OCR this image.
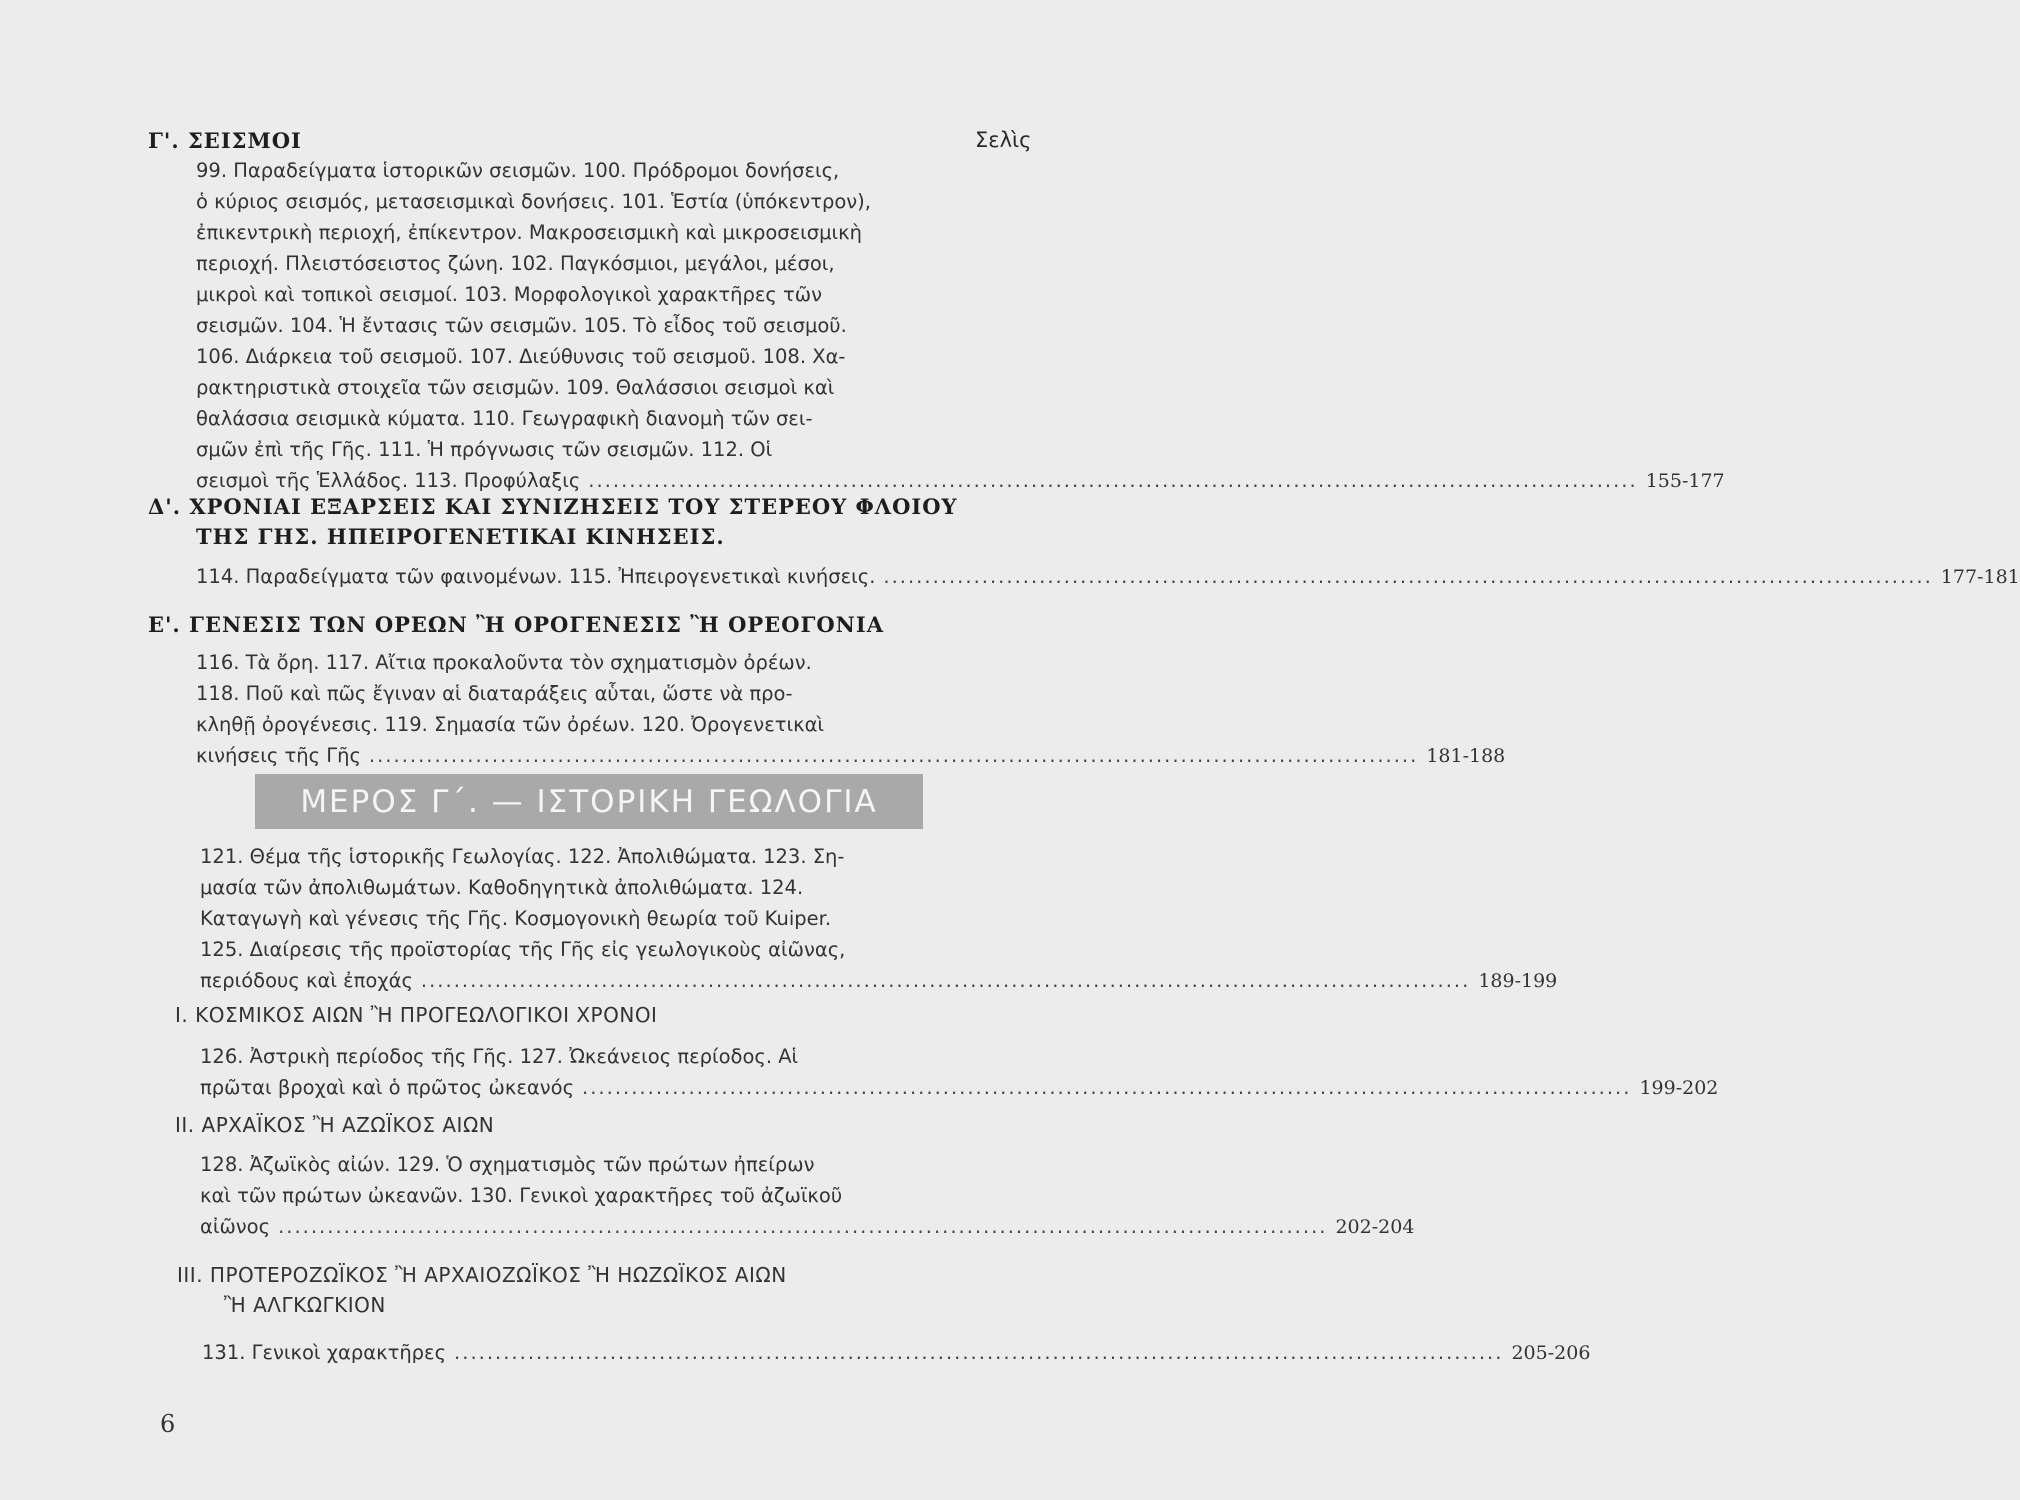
Γ'. ΣΕΙΣΜΟΙ	Σελὶς
99. Παραδείγματα ἱστορικῶν σεισμῶν. 100. Πρόδρομοι δονήσεις,
ὁ κύριος σεισμός, μετασεισμικαὶ δονήσεις. 101. Ἑστία (ὑπόκεντρον),
ἐπικεντρικὴ περιοχή, ἐπίκεντρον. Μακροσεισμικὴ καὶ μικροσεισμικὴ
περιοχή. Πλειστόσειστος ζώνη. 102. Παγκόσμιοι, μεγάλοι, μέσοι,
μικροὶ καὶ τοπικοὶ σεισμοί. 103. Μορφολογικοὶ χαρακτῆρες τῶν
σεισμῶν. 104. Ἡ ἔντασις τῶν σεισμῶν. 105. Τὸ εἶδος τοῦ σεισμοῦ.
106. Διάρκεια τοῦ σεισμοῦ. 107. Διεύθυνσις τοῦ σεισμοῦ. 108. Χα-
ρακτηριστικὰ στοιχεῖα τῶν σεισμῶν. 109. Θαλάσσιοι σεισμοὶ καὶ
θαλάσσια σεισμικὰ κύματα. 110. Γεωγραφικὴ διανομὴ τῶν σει-
σμῶν ἐπὶ τῆς Γῆς. 111. Ἡ πρόγνωσις τῶν σεισμῶν. 112. Οἱ
σεισμοὶ τῆς Ἑλλάδος. 113. Προφύλαξις ................................................................................................................................ 155-177
Δ'. ΧΡΟΝΙΑΙ ΕΞΑΡΣΕΙΣ ΚΑΙ ΣΥΝΙΖΗΣΕΙΣ ΤΟΥ ΣΤΕΡΕΟΥ ΦΛΟΙΟΥ
ΤΗΣ ΓΗΣ. ΗΠΕΙΡΟΓΕΝΕΤΙΚΑΙ ΚΙΝΗΣΕΙΣ.
114. Παραδείγματα τῶν φαινομένων. 115. Ἠπειρογενετικαὶ κινήσεις. ................................................................................................................................ 177-181
Ε'. ΓΕΝΕΣΙΣ ΤΩΝ ΟΡΕΩΝ Ἢ ΟΡΟΓΕΝΕΣΙΣ Ἢ ΟΡΕΟΓΟΝΙΑ
116. Τὰ ὄρη. 117. Αἴτια προκαλοῦντα τὸν σχηματισμὸν ὀρέων.
118. Ποῦ καὶ πῶς ἔγιναν αἱ διαταράξεις αὗται, ὥστε νὰ προ-
κληθῇ ὀρογένεσις. 119. Σημασία τῶν ὀρέων. 120. Ὀρογενετικαὶ
κινήσεις τῆς Γῆς ................................................................................................................................ 181-188
ΜΕΡΟΣ Γ΄. — ΙΣΤΟΡΙΚΗ ΓΕΩΛΟΓΙΑ
121. Θέμα τῆς ἱστορικῆς Γεωλογίας. 122. Ἀπολιθώματα. 123. Ση-
μασία τῶν ἀπολιθωμάτων. Καθοδηγητικὰ ἀπολιθώματα. 124.
Καταγωγὴ καὶ γένεσις τῆς Γῆς. Κοσμογονικὴ θεωρία τοῦ Kuiper.
125. Διαίρεσις τῆς προϊστορίας τῆς Γῆς εἰς γεωλογικοὺς αἰῶνας,
περιόδους καὶ ἐποχάς ................................................................................................................................ 189-199
I. ΚΟΣΜΙΚΟΣ ΑΙΩΝ Ἢ ΠΡΟΓΕΩΛΟΓΙΚΟΙ ΧΡΟΝΟΙ
126. Ἀστρικὴ περίοδος τῆς Γῆς. 127. Ὠκεάνειος περίοδος. Αἱ
πρῶται βροχαὶ καὶ ὁ πρῶτος ὠκεανός ................................................................................................................................ 199-202
II. ΑΡΧΑΪΚΟΣ Ἢ ΑΖΩΪΚΟΣ ΑΙΩΝ
128. Ἀζωϊκὸς αἰών. 129. Ὁ σχηματισμὸς τῶν πρώτων ἠπείρων
καὶ τῶν πρώτων ὠκεανῶν. 130. Γενικοὶ χαρακτῆρες τοῦ ἀζωϊκοῦ
αἰῶνος ................................................................................................................................ 202-204
III. ΠΡΟΤΕΡΟΖΩΪΚΟΣ Ἢ ΑΡΧΑΙΟΖΩΪΚΟΣ Ἢ ΗΩΖΩΪΚΟΣ ΑΙΩΝ
Ἢ ΑΛΓΚΩΓΚΙΟΝ
131. Γενικοὶ χαρακτῆρες ................................................................................................................................ 205-206
6
